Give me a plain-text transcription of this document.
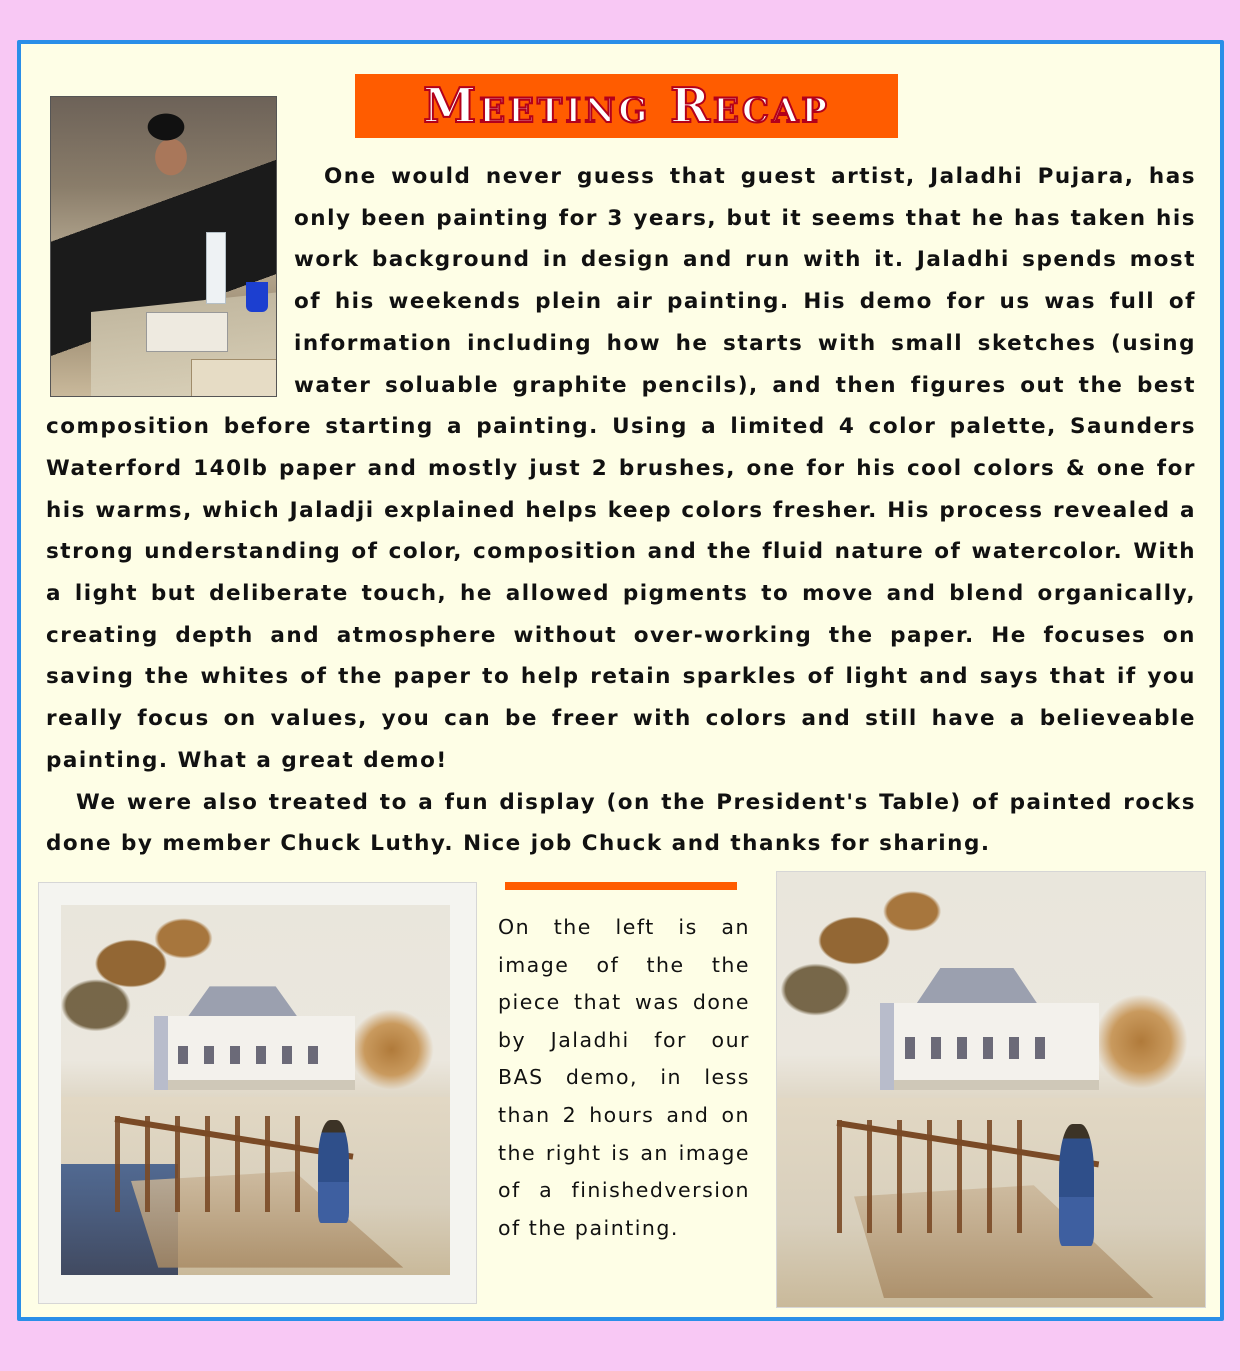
Meeting Recap

One would never guess that guest artist, Jaladhi Pujara, has only been painting for 3 years, but it seems that he has taken his work background in design and run with it. Jaladhi spends most of his weekends plein air painting. His demo for us was full of information including how he starts with small sketches (using water soluable graphite pencils), and then figures out the best composition before starting a painting. Using a limited 4 color palette, Saunders Waterford 140lb paper and mostly just 2 brushes, one for his cool colors & one for his warms, which Jaladji explained helps keep colors fresher. His process revealed a strong understanding of color, composition and the fluid nature of watercolor. With a light but deliberate touch, he allowed pigments to move and blend organically, creating depth and atmosphere without over-working the paper. He focuses on saving the whites of the paper to help retain sparkles of light and says that if you really focus on values, you can be freer with colors and still have a believeable painting. What a great demo!

We were also treated to a fun display (on the President's Table) of painted rocks done by member Chuck Luthy. Nice job Chuck and thanks for sharing.

On the left is an image of the the piece that was done by Jaladhi for our BAS demo, in less than 2 hours and on the right is an image of a finishedversion of the painting.
